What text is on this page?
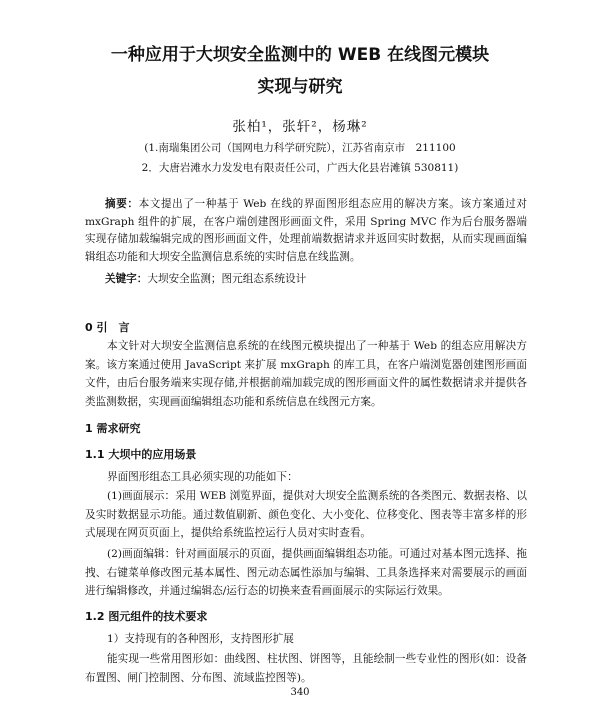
一种应用于大坝安全监测中的 WEB 在线图元模块
实现与研究
张柏¹，张轩²，杨琳²
(1.南瑞集团公司（国网电力科学研究院），江苏省南京市　211100
2．大唐岩滩水力发发电有限责任公司，广西大化县岩滩镇 530811)
摘要：本文提出了一种基于 Web 在线的界面图形组态应用的解决方案。该方案通过对 mxGraph 组件的扩展，在客户端创建图形画面文件，采用 Spring MVC 作为后台服务器端实现存储加载编辑完成的图形画面文件，处理前端数据请求并返回实时数据，从而实现画面编辑组态功能和大坝安全监测信息系统的实时信息在线监测。
关键字：大坝安全监测；图元组态系统设计
0 引　言
本文针对大坝安全监测信息系统的在线图元模块提出了一种基于 Web 的组态应用解决方案。该方案通过使用 JavaScript 来扩展 mxGraph 的库工具，在客户端浏览器创建图形画面文件，由后台服务端来实现存储,并根据前端加载完成的图形画面文件的属性数据请求并提供各类监测数据，实现画面编辑组态功能和系统信息在线图元方案。
1 需求研究
1.1 大坝中的应用场景
界面图形组态工具必须实现的功能如下：
(1)画面展示：采用 WEB 浏览界面，提供对大坝安全监测系统的各类图元、数据表格、以及实时数据显示功能。通过数值刷新、颜色变化、大小变化、位移变化、图表等丰富多样的形式展现在网页页面上，提供给系统监控运行人员对实时查看。
(2)画面编辑：针对画面展示的页面，提供画面编辑组态功能。可通过对基本图元选择、拖拽、右键菜单修改图元基本属性、图元动态属性添加与编辑、工具条选择来对需要展示的画面进行编辑修改，并通过编辑态/运行态的切换来查看画面展示的实际运行效果。
1.2 图元组件的技术要求
1）支持现有的各种图形，支持图形扩展
能实现一些常用图形如：曲线图、柱状图、饼图等，且能绘制一些专业性的图形(如：设备布置图、闸门控制图、分布图、流域监控图等)。
340
